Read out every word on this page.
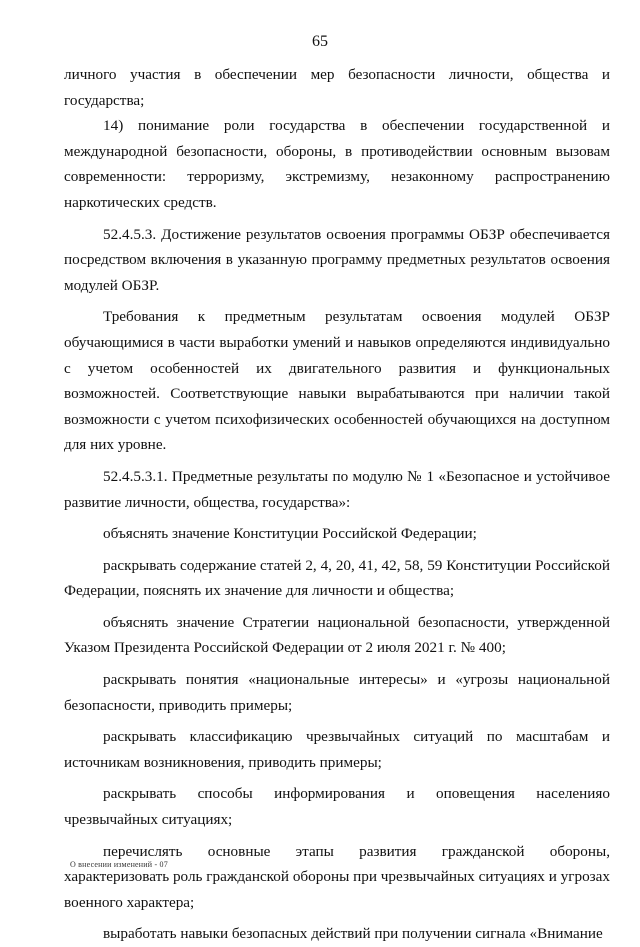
65

личного участия в обеспечении мер безопасности личности, общества и государства;

14) понимание роли государства в обеспечении государственной и международной безопасности, обороны, в противодействии основным вызовам современности: терроризму, экстремизму, незаконному распространению наркотических средств.

52.4.5.3. Достижение результатов освоения программы ОБЗР обеспечивается посредством включения в указанную программу предметных результатов освоения модулей ОБЗР.

Требования к предметным результатам освоения модулей ОБЗР обучающимися в части выработки умений и навыков определяются индивидуально с учетом особенностей их двигательного развития и функциональных возможностей. Соответствующие навыки вырабатываются при наличии такой возможности с учетом психофизических особенностей обучающихся на доступном для них уровне.

52.4.5.3.1. Предметные результаты по модулю № 1 «Безопасное и устойчивое развитие личности, общества, государства»:

объяснять значение Конституции Российской Федерации;

раскрывать содержание статей 2, 4, 20, 41, 42, 58, 59 Конституции Российской Федерации, пояснять их значение для личности и общества;

объяснять значение Стратегии национальной безопасности, утвержденной Указом Президента Российской Федерации от 2 июля 2021 г. № 400;

раскрывать понятия «национальные интересы» и «угрозы национальной безопасности, приводить примеры;

раскрывать классификацию чрезвычайных ситуаций по масштабам и источникам возникновения, приводить примеры;

раскрывать способы информирования и оповещения населенияо чрезвычайных ситуациях;

перечислять основные этапы развития гражданской обороны, характеризовать роль гражданской обороны при чрезвычайных ситуациях и угрозах военного характера;

выработать навыки безопасных действий при получении сигнала «Внимание

О внесении изменений - 07
